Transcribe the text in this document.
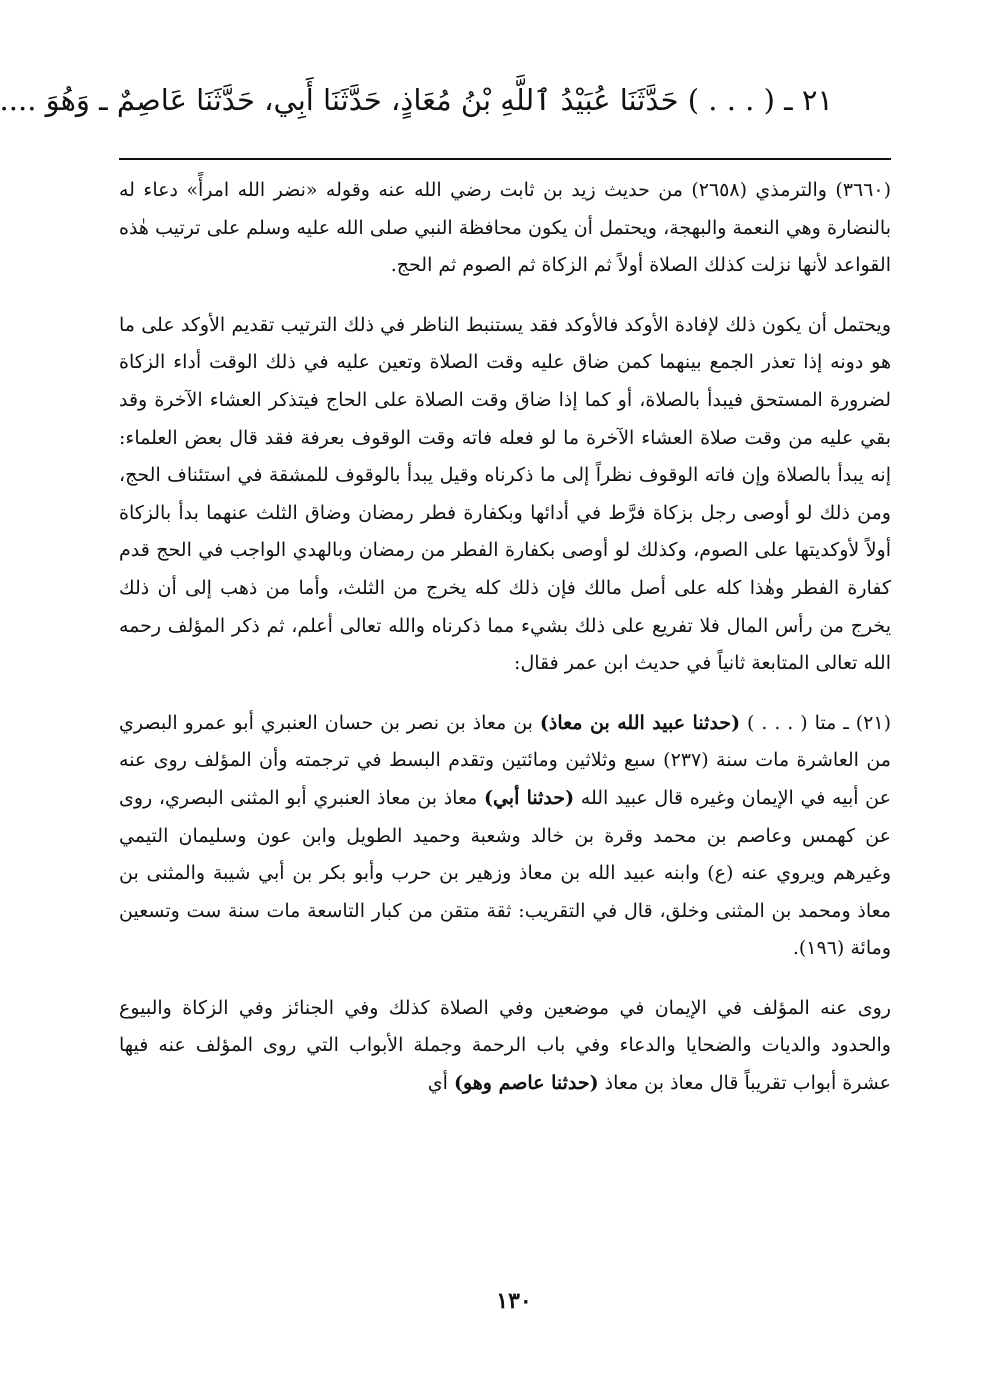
٢١ ـ ( . . . ) حَدَّثَنَا عُبَيْدُ ٱللَّهِ بْنُ مُعَاذٍ، حَدَّثَنَا أَبِي، حَدَّثَنَا عَاصِمٌ ـ وَهُوَ ....

(٣٦٦٠) والترمذي (٢٦٥٨) من حديث زيد بن ثابت رضي الله عنه وقوله «نضر الله امرأً» دعاء له بالنضارة وهي النعمة والبهجة، ويحتمل أن يكون محافظة النبي صلى الله عليه وسلم على ترتيب هٰذه القواعد لأنها نزلت كذلك الصلاة أولاً ثم الزكاة ثم الصوم ثم الحج.

ويحتمل أن يكون ذلك لإفادة الأوكد فالأوكد فقد يستنبط الناظر في ذلك الترتيب تقديم الأوكد على ما هو دونه إذا تعذر الجمع بينهما كمن ضاق عليه وقت الصلاة وتعين عليه في ذلك الوقت أداء الزكاة لضرورة المستحق فيبدأ بالصلاة، أو كما إذا ضاق وقت الصلاة على الحاج فيتذكر العشاء الآخرة وقد بقي عليه من وقت صلاة العشاء الآخرة ما لو فعله فاته وقت الوقوف بعرفة فقد قال بعض العلماء: إنه يبدأ بالصلاة وإن فاته الوقوف نظراً إلى ما ذكرناه وقيل يبدأ بالوقوف للمشقة في استئناف الحج، ومن ذلك لو أوصى رجل بزكاة فرَّط في أدائها وبكفارة فطر رمضان وضاق الثلث عنهما بدأ بالزكاة أولاً لأوكديتها على الصوم، وكذلك لو أوصى بكفارة الفطر من رمضان وبالهدي الواجب في الحج قدم كفارة الفطر وهٰذا كله على أصل مالك فإن ذلك كله يخرج من الثلث، وأما من ذهب إلى أن ذلك يخرج من رأس المال فلا تفريع على ذلك بشيء مما ذكرناه والله تعالى أعلم، ثم ذكر المؤلف رحمه الله تعالى المتابعة ثانياً في حديث ابن عمر فقال:

(٢١) ـ متا ( . . . ) (حدثنا عبيد الله بن معاذ) بن معاذ بن نصر بن حسان العنبري أبو عمرو البصري من العاشرة مات سنة (٢٣٧) سبع وثلاثين ومائتين وتقدم البسط في ترجمته وأن المؤلف روى عنه عن أبيه في الإيمان وغيره قال عبيد الله (حدثنا أبي) معاذ بن معاذ العنبري أبو المثنى البصري، روى عن كهمس وعاصم بن محمد وقرة بن خالد وشعبة وحميد الطويل وابن عون وسليمان التيمي وغيرهم ويروي عنه (ع) وابنه عبيد الله بن معاذ وزهير بن حرب وأبو بكر بن أبي شيبة والمثنى بن معاذ ومحمد بن المثنى وخلق، قال في التقريب: ثقة متقن من كبار التاسعة مات سنة ست وتسعين ومائة (١٩٦).

روى عنه المؤلف في الإيمان في موضعين وفي الصلاة كذلك وفي الجنائز وفي الزكاة والبيوع والحدود والديات والضحايا والدعاء وفي باب الرحمة وجملة الأبواب التي روى المؤلف عنه فيها عشرة أبواب تقريباً قال معاذ بن معاذ (حدثنا عاصم وهو) أي

١٣٠
